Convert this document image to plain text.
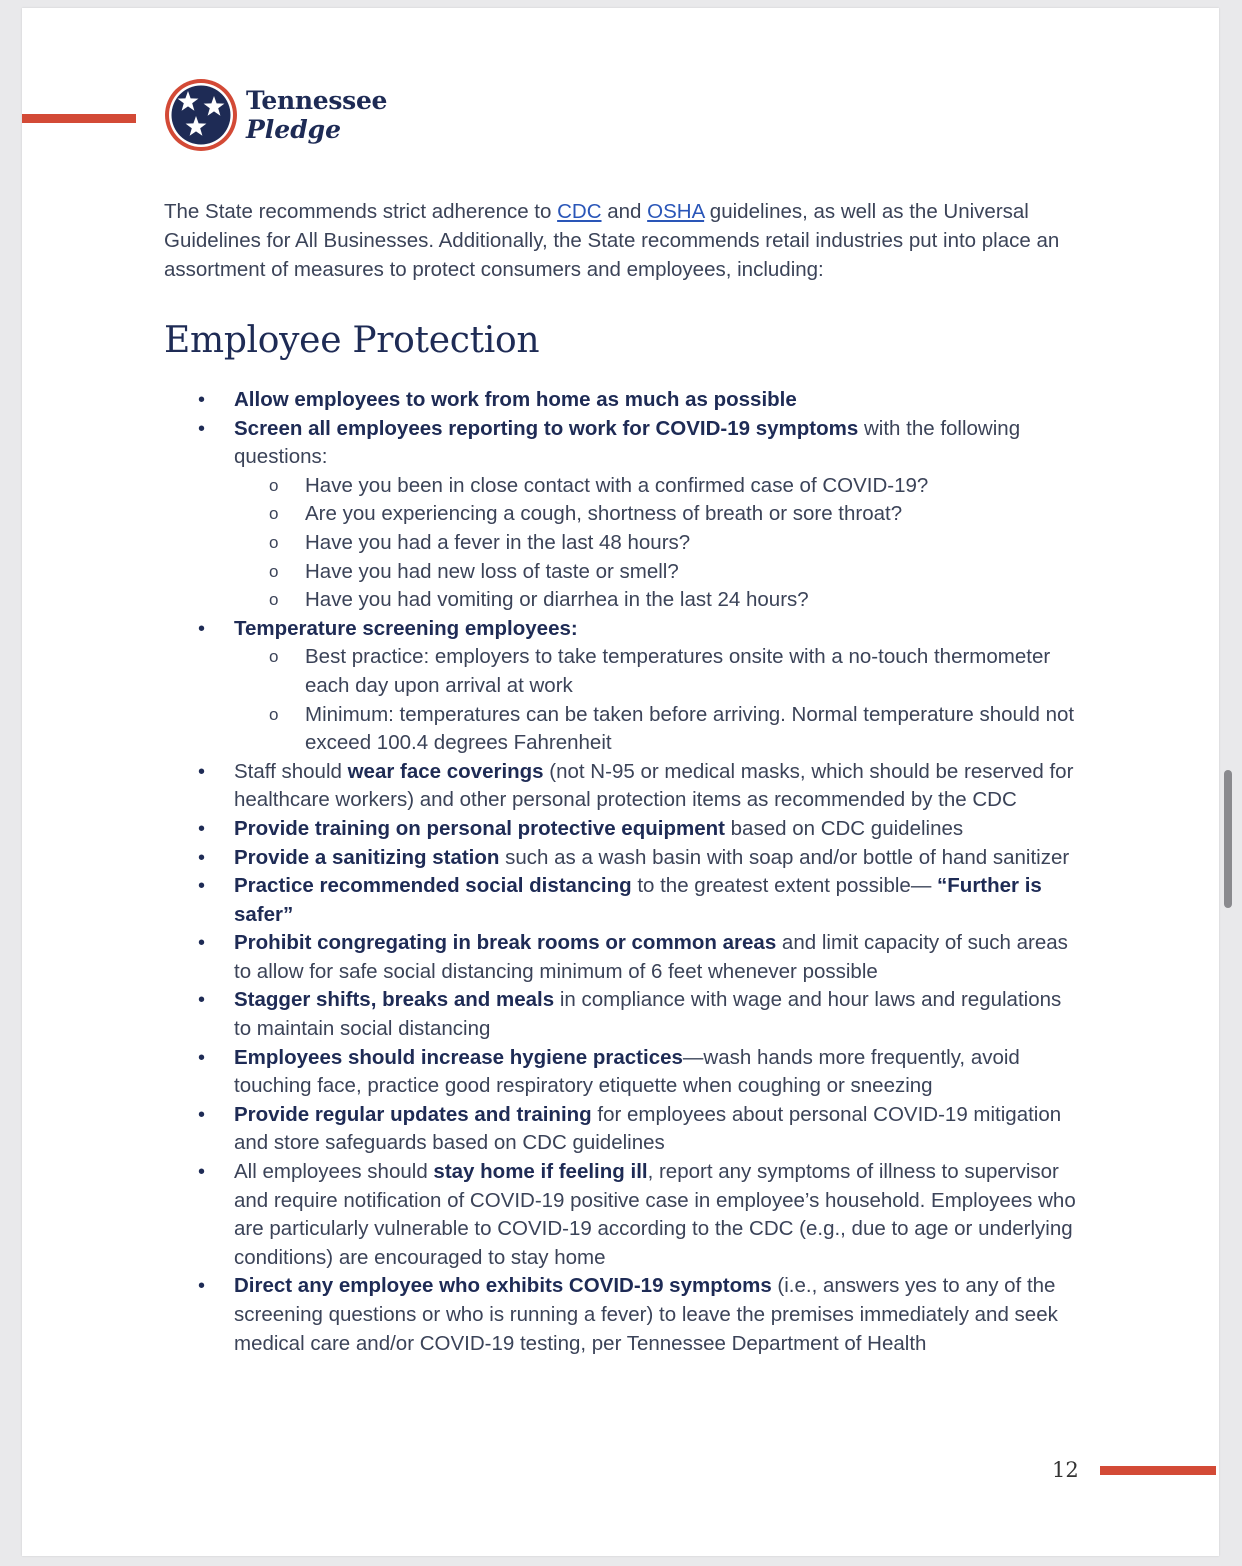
Tennessee
Pledge

The State recommends strict adherence to CDC and OSHA guidelines, as well as the Universal Guidelines for All Businesses. Additionally, the State recommends retail industries put into place an assortment of measures to protect consumers and employees, including:

Employee Protection
• Allow employees to work from home as much as possible
• Screen all employees reporting to work for COVID-19 symptoms with the following questions:
o Have you been in close contact with a confirmed case of COVID-19?
o Are you experiencing a cough, shortness of breath or sore throat?
o Have you had a fever in the last 48 hours?
o Have you had new loss of taste or smell?
o Have you had vomiting or diarrhea in the last 24 hours?
• Temperature screening employees:
o Best practice: employers to take temperatures onsite with a no-touch thermometer each day upon arrival at work
o Minimum: temperatures can be taken before arriving. Normal temperature should not exceed 100.4 degrees Fahrenheit
• Staff should wear face coverings (not N-95 or medical masks, which should be reserved for healthcare workers) and other personal protection items as recommended by the CDC
• Provide training on personal protective equipment based on CDC guidelines
• Provide a sanitizing station such as a wash basin with soap and/or bottle of hand sanitizer
• Practice recommended social distancing to the greatest extent possible— “Further is safer”
• Prohibit congregating in break rooms or common areas and limit capacity of such areas to allow for safe social distancing minimum of 6 feet whenever possible
• Stagger shifts, breaks and meals in compliance with wage and hour laws and regulations to maintain social distancing
• Employees should increase hygiene practices—wash hands more frequently, avoid touching face, practice good respiratory etiquette when coughing or sneezing
• Provide regular updates and training for employees about personal COVID-19 mitigation and store safeguards based on CDC guidelines
• All employees should stay home if feeling ill, report any symptoms of illness to supervisor and require notification of COVID-19 positive case in employee’s household. Employees who are particularly vulnerable to COVID-19 according to the CDC (e.g., due to age or underlying conditions) are encouraged to stay home
• Direct any employee who exhibits COVID-19 symptoms (i.e., answers yes to any of the screening questions or who is running a fever) to leave the premises immediately and seek medical care and/or COVID-19 testing, per Tennessee Department of Health
12
